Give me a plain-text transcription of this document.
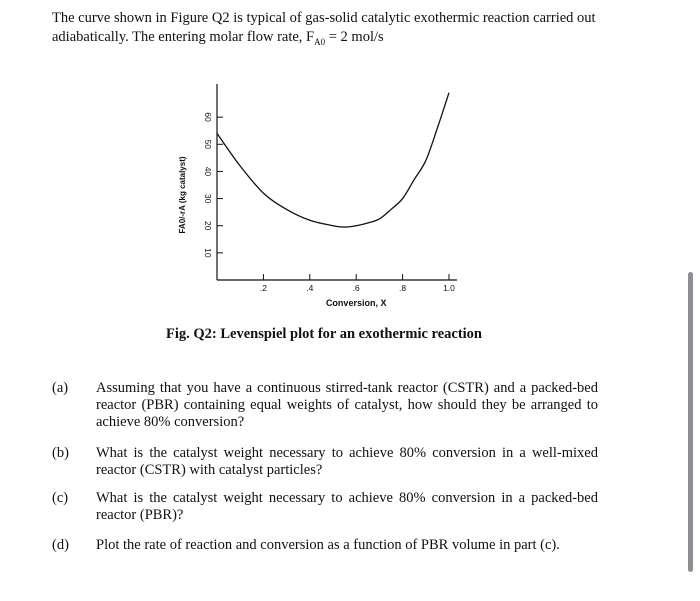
The curve shown in Figure Q2 is typical of gas-solid catalytic exothermic reaction carried out
adiabatically. The entering molar flow rate, $F_{A0} = 2$ mol/s
10
20
30
40
50
60
.2	.4	.6	.8	1.0
Conversion, X
FA0/-rA (kg catalyst)
Fig. Q2: Levenspiel plot for an exothermic reaction
(a)	Assuming that you have a continuous stirred-tank reactor (CSTR) and a packed-bed reactor (PBR) containing equal weights of catalyst, how should they be arranged to achieve 80% conversion?
(b)	What is the catalyst weight necessary to achieve 80% conversion in a well-mixed reactor (CSTR) with catalyst particles?
(c)	What is the catalyst weight necessary to achieve 80% conversion in a packed-bed reactor (PBR)?
(d)	Plot the rate of reaction and conversion as a function of PBR volume in part (c).
